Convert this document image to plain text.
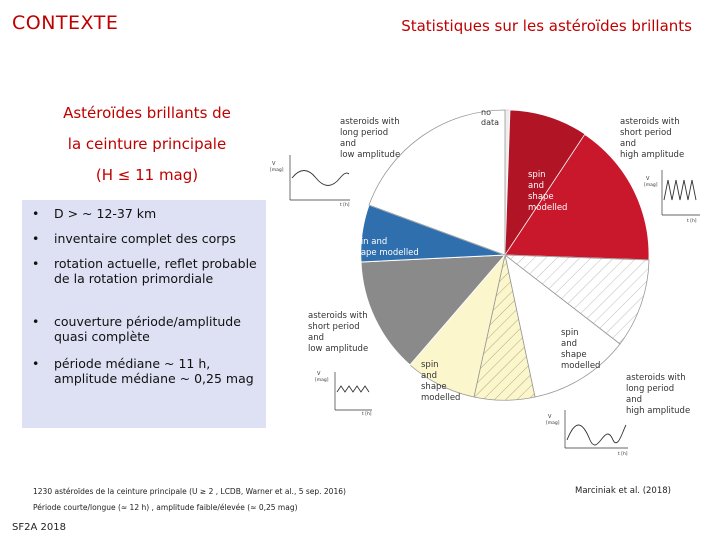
CONTEXTE	Statistiques sur les astéroïdes brillants
Astéroïdes brillants de
la ceinture principale
(H ≤ 11 mag)
•	D > ~ 12-37 km
•	inventaire complet des corps
•	rotation actuelle, reflet probable de la rotation primordiale
•	couverture période/amplitude quasi complète
•	période médiane ~ 11 h, amplitude médiane ~ 0,25 mag
no data
asteroids with long period and low amplitude
asteroids with short period and high amplitude
spin and shape modelled
spin and shape modelled
asteroids with short period and low amplitude
spin and shape modelled
spin and shape modelled
asteroids with long period and high amplitude
V
[mag]
t [h]
V
[mag]
t [h]
V
[mag]
t [h]	V
[mag]
t [h]
1230 astéroïdes de la ceinture principale (U ≥ 2 , LCDB, Warner et al., 5 sep. 2016)
Période courte/longue (≈ 12 h) , amplitude faible/élevée (≈ 0,25 mag)
Marciniak et al. (2018)
SF2A 2018
